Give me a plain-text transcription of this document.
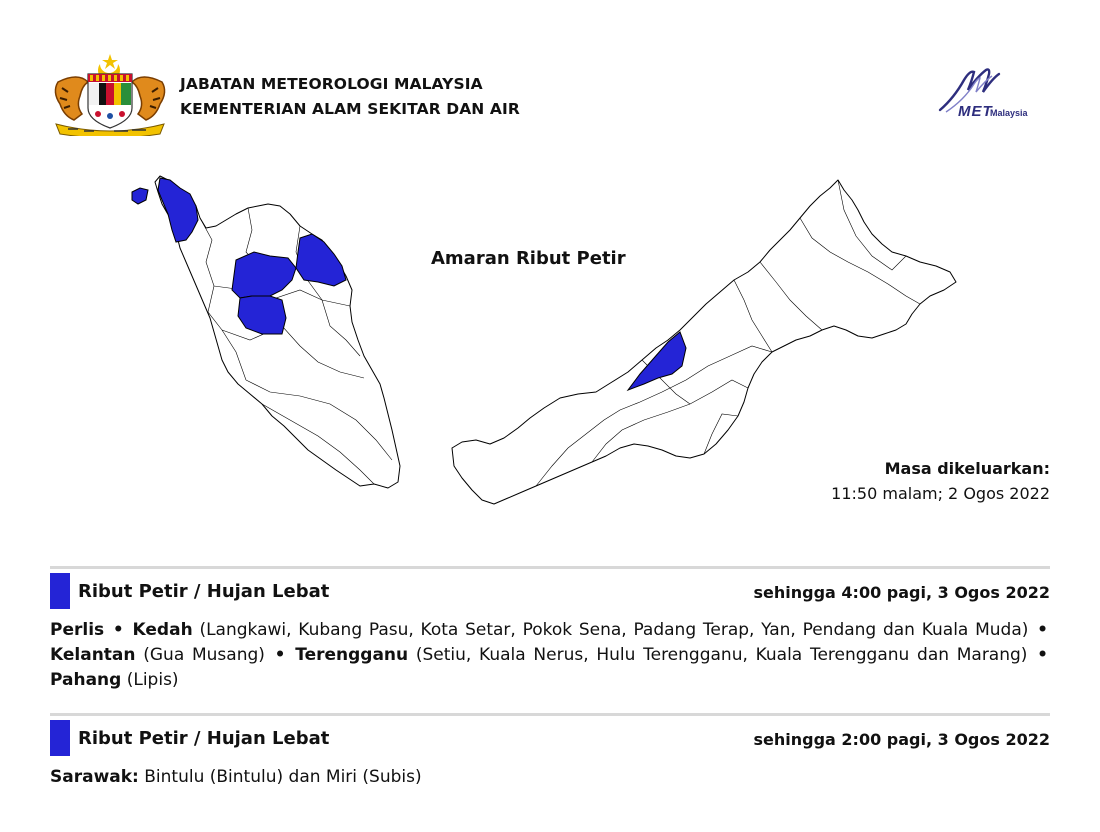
JABATAN METEOROLOGI MALAYSIA
KEMENTERIAN ALAM SEKITAR DAN AIR	MET
Malaysia
Amaran Ribut Petir
Masa dikeluarkan:
11:50 malam; 2 Ogos 2022
Ribut Petir / Hujan Lebat	sehingga 4:00 pagi, 3 Ogos 2022
Perlis • Kedah (Langkawi, Kubang Pasu, Kota Setar, Pokok Sena, Padang Terap, Yan, Pendang dan Kuala Muda) • Kelantan (Gua Musang) • Terengganu (Setiu, Kuala Nerus, Hulu Terengganu, Kuala Terengganu dan Marang) • Pahang (Lipis)
Ribut Petir / Hujan Lebat	sehingga 2:00 pagi, 3 Ogos 2022
Sarawak: Bintulu (Bintulu) dan Miri (Subis)
